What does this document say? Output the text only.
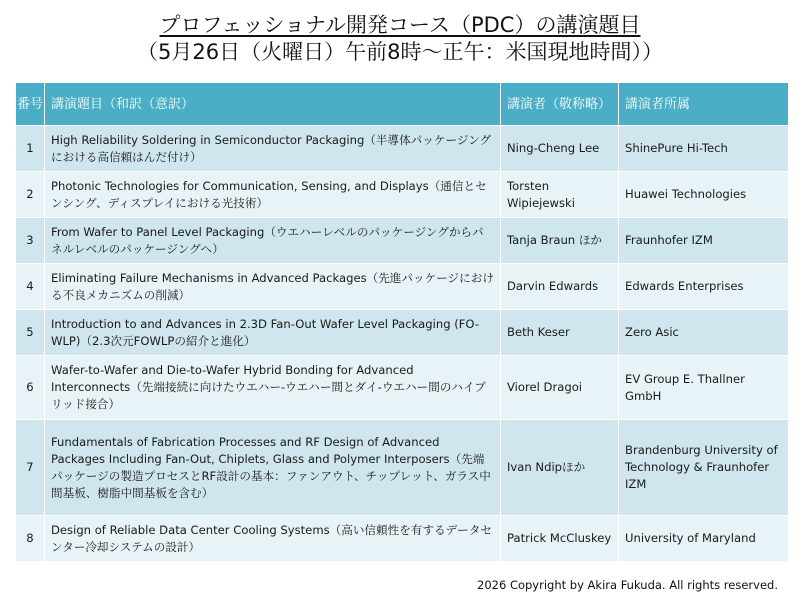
プロフェッショナル開発コース（PDC）の講演題目
（5月26日（火曜日）午前8時～正午：米国現地時間））
番号	講演題目（和訳（意訳）	講演者（敬称略）	講演者所属
1	High Reliability Soldering in Semiconductor Packaging（半導体パッケージングにおける高信頼はんだ付け）	Ning-Cheng Lee	ShinePure Hi-Tech
2	Photonic Technologies for Communication, Sensing, and Displays（通信とセンシング、ディスプレイにおける光技術）	Torsten Wipiejewski	Huawei Technologies
3	From Wafer to Panel Level Packaging（ウエハーレベルのパッケージングからパネルレベルのパッケージングへ）	Tanja Braun ほか	Fraunhofer IZM
4	Eliminating Failure Mechanisms in Advanced Packages（先進パッケージにおける不良メカニズムの削減）	Darvin Edwards	Edwards Enterprises
5	Introduction to and Advances in 2.3D Fan-Out Wafer Level Packaging (FO-WLP)（2.3次元FOWLPの紹介と進化）	Beth Keser	Zero Asic
6	Wafer-to-Wafer and Die-to-Wafer Hybrid Bonding for Advanced Interconnects（先端接続に向けたウエハー-ウエハー間とダイ-ウエハー間のハイブリッド接合）	Viorel Dragoi	EV Group E. Thallner GmbH
7	Fundamentals of Fabrication Processes and RF Design of Advanced Packages Including Fan-Out, Chiplets, Glass and Polymer Interposers（先端パッケージの製造プロセスとRF設計の基本：ファンアウト、チップレット、ガラス中間基板、樹脂中間基板を含む）	Ivan Ndipほか	Brandenburg University of Technology & Fraunhofer IZM
8	Design of Reliable Data Center Cooling Systems（高い信頼性を有するデータセンター冷却システムの設計）	Patrick McCluskey	University of Maryland
2026 Copyright by Akira Fukuda. All rights reserved.
